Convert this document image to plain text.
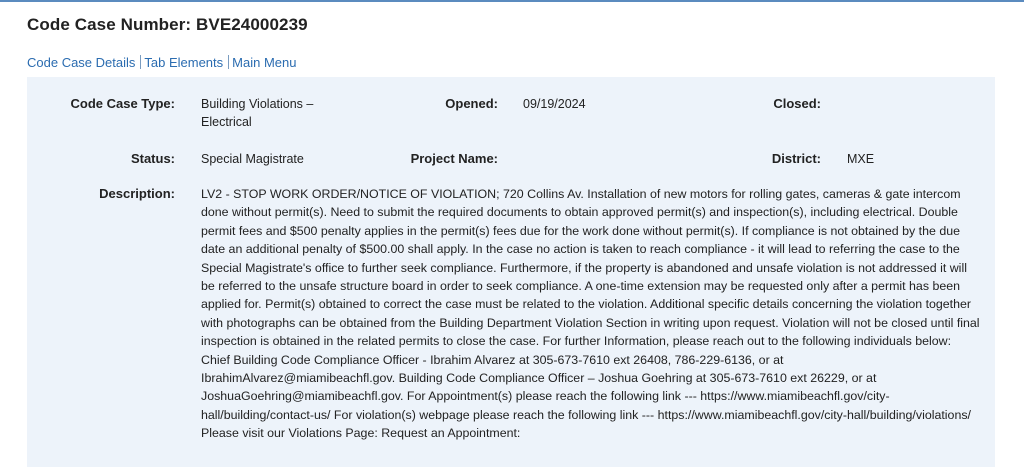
Code Case Number: BVE24000239
Code Case Details Tab Elements Main Menu
Code Case Type: Building Violations – Electrical
Opened: 09/19/2024	Closed:
Status: Special Magistrate	Project Name:	District: MXE
Description: LV2 - STOP WORK ORDER/NOTICE OF VIOLATION; 720 Collins Av. Installation of new motors for rolling gates, cameras & gate intercom done without permit(s). Need to submit the required documents to obtain approved permit(s) and inspection(s), including electrical. Double permit fees and $500 penalty applies in the permit(s) fees due for the work done without permit(s). If compliance is not obtained by the due date an additional penalty of $500.00 shall apply. In the case no action is taken to reach compliance - it will lead to referring the case to the Special Magistrate's office to further seek compliance. Furthermore, if the property is abandoned and unsafe violation is not addressed it will be referred to the unsafe structure board in order to seek compliance. A one-time extension may be requested only after a permit has been applied for. Permit(s) obtained to correct the case must be related to the violation. Additional specific details concerning the violation together with photographs can be obtained from the Building Department Violation Section in writing upon request. Violation will not be closed until final inspection is obtained in the related permits to close the case. For further Information, please reach out to the following individuals below: Chief Building Code Compliance Officer - Ibrahim Alvarez at 305-673-7610 ext 26408, 786-229-6136, or at IbrahimAlvarez@miamibeachfl.gov. Building Code Compliance Officer – Joshua Goehring at 305-673-7610 ext 26229, or at JoshuaGoehring@miamibeachfl.gov. For Appointment(s) please reach the following link --- https://www.miamibeachfl.gov/city-hall/building/contact-us/ For violation(s) webpage please reach the following link --- https://www.miamibeachfl.gov/city-hall/building/violations/ Please visit our Violations Page: Request an Appointment:
